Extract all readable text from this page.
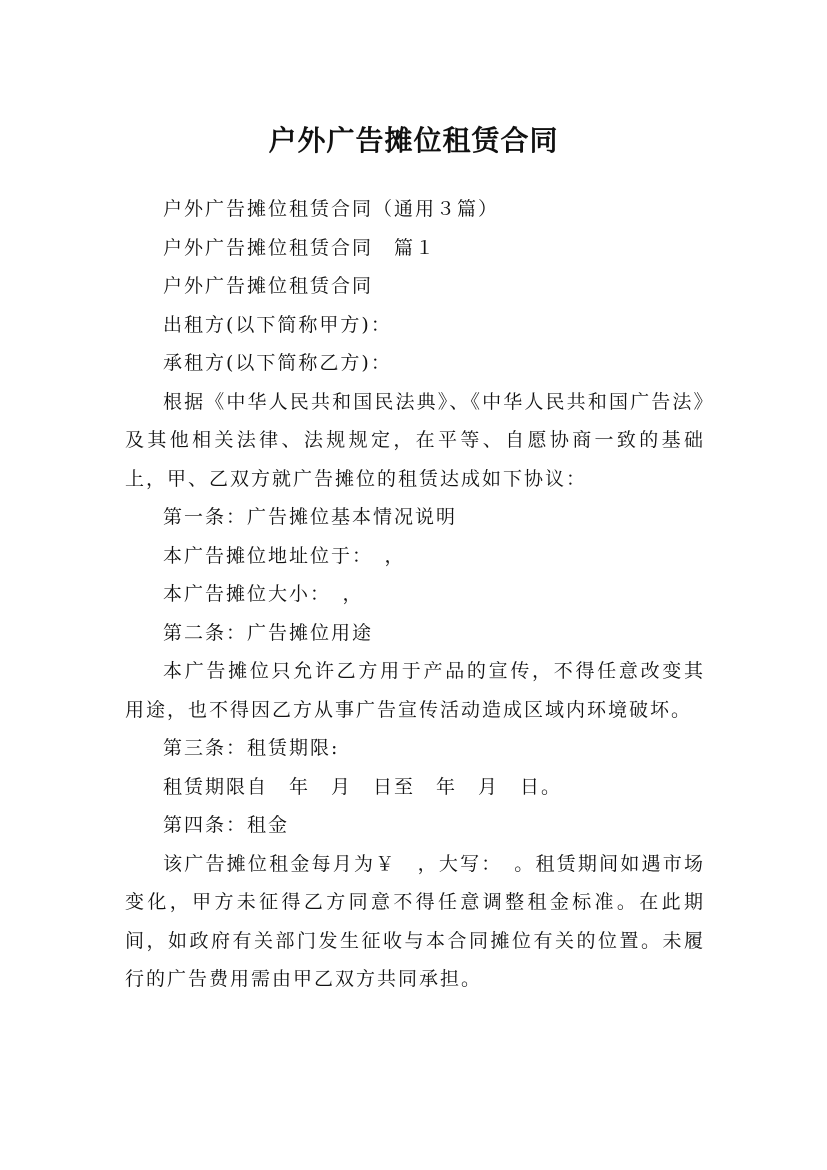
户外广告摊位租赁合同

户外广告摊位租赁合同（通用３篇）

户外广告摊位租赁合同　篇１

户外广告摊位租赁合同

出租方(以下简称甲方)：

承租方(以下简称乙方)：

根据《中华人民共和国民法典》、《中华人民共和国广告法》及其他相关法律、法规规定，在平等、自愿协商一致的基础上，甲、乙双方就广告摊位的租赁达成如下协议：

第一条：广告摊位基本情况说明

本广告摊位地址位于：　，

本广告摊位大小：　，

第二条：广告摊位用途

本广告摊位只允许乙方用于产品的宣传，不得任意改变其用途，也不得因乙方从事广告宣传活动造成区域内环境破坏。

第三条：租赁期限:

租赁期限自　年　月　日至　年　月　日。

第四条：租金

该广告摊位租金每月为￥　，大写：　。租赁期间如遇市场变化，甲方未征得乙方同意不得任意调整租金标准。在此期间，如政府有关部门发生征收与本合同摊位有关的位置。未履行的广告费用需由甲乙双方共同承担。
